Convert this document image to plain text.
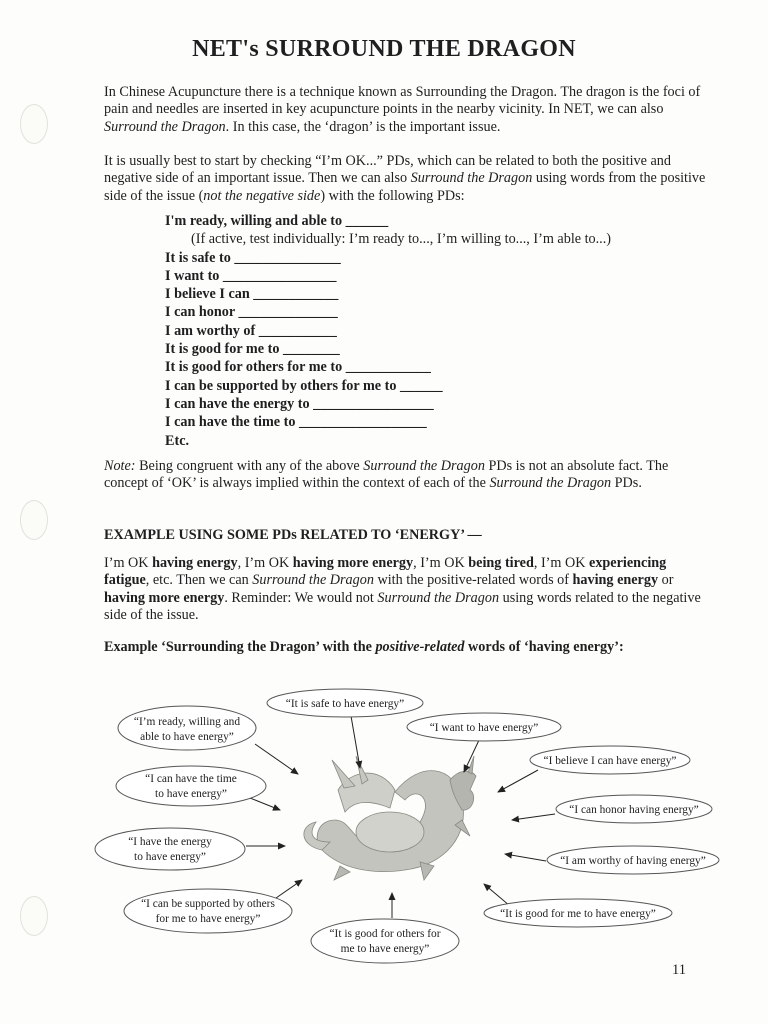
NET's SURROUND THE DRAGON

In Chinese Acupuncture there is a technique known as Surrounding the Dragon. The dragon is the foci of pain and needles are inserted in key acupuncture points in the nearby vicinity. In NET, we can also Surround the Dragon. In this case, the ‘dragon’ is the important issue.

It is usually best to start by checking “I’m OK...” PDs, which can be related to both the positive and negative side of an important issue. Then we can also Surround the Dragon using words from the positive side of the issue (not the negative side) with the following PDs:

I'm ready, willing and able to ______
(If active, test individually: I’m ready to..., I’m willing to..., I’m able to...)
It is safe to _______________
I want to ________________
I believe I can ____________
I can honor ______________
I am worthy of ___________
It is good for me to ________
It is good for others for me to ____________
I can be supported by others for me to ______
I can have the energy to _________________
I can have the time to __________________
Etc.

Note: Being congruent with any of the above Surround the Dragon PDs is not an absolute fact. The concept of ‘OK’ is always implied within the context of each of the Surround the Dragon PDs.

EXAMPLE USING SOME PDs RELATED TO ‘ENERGY’ —

I’m OK having energy, I’m OK having more energy, I’m OK being tired, I’m OK experiencing fatigue, etc. Then we can Surround the Dragon with the positive-related words of having energy or having more energy. Reminder: We would not Surround the Dragon using words related to the negative side of the issue.

Example ‘Surrounding the Dragon’ with the positive-related words of ‘having energy’:
“It is safe to have energy”
“I’m ready, willing and
able to have energy”
“I want to have energy”
“I believe I can have energy”
“I can have the time
to have energy”
“I can honor having energy”
“I have the energy
to have energy”	“I am worthy of having energy”
“I can be supported by others
for me to have energy”	“It is good for me to have energy”
“It is good for others for
me to have energy”
11
